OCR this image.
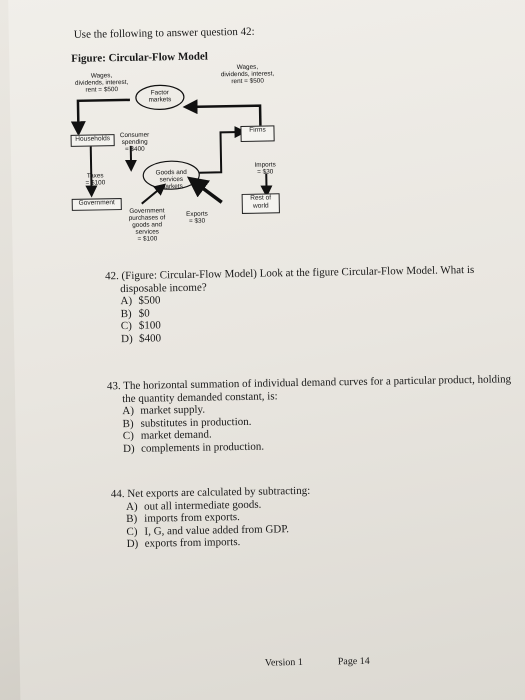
Use the following to answer question 42:
Figure: Circular-Flow Model
Wages,
dividends, interest,
rent = $500
Wages,
dividends, interest,
rent = $500
Factor
markets
Firms
Households	Consumer
spending
= $400
Taxes
= $100
Goods and
services
markets
Imports
= $30
Government
Government
purchases of
goods and
services
= $100
Exports
= $30
Rest of
world
42. (Figure: Circular-Flow Model) Look at the figure Circular-Flow Model. What is
disposable income?
A) $500
B) $0
C) $100
D) $400
43. The horizontal summation of individual demand curves for a particular product, holding
the quantity demanded constant, is:
A) market supply.
B) substitutes in production.
C) market demand.
D) complements in production.
44. Net exports are calculated by subtracting:
A) out all intermediate goods.
B) imports from exports.
C) I, G, and value added from GDP.
D) exports from imports.
Version 1	Page 14
